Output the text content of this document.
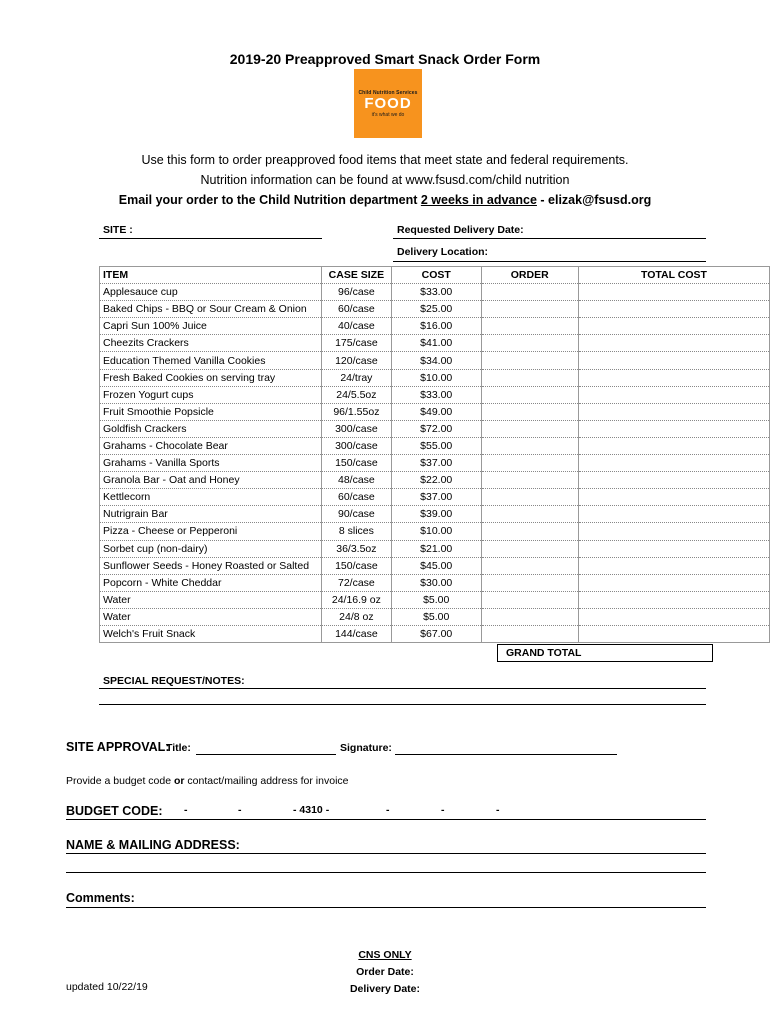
2019-20 Preapproved Smart Snack Order Form
Child Nutrition Services
FOOD
it's what we do
Use this form to order preapproved food items that meet state and federal requirements.
Nutrition information can be found at www.fsusd.com/child nutrition
Email your order to the Child Nutrition department 2 weeks in advance - elizak@fsusd.org
SITE :	Requested Delivery Date:
Delivery Location:
ITEM	CASE SIZE	COST	ORDER	TOTAL COST
Applesauce cup	96/case	$33.00		
Baked Chips - BBQ or Sour Cream & Onion	60/case	$25.00		
Capri Sun 100% Juice	40/case	$16.00		
Cheezits Crackers	175/case	$41.00		
Education Themed Vanilla Cookies	120/case	$34.00		
Fresh Baked Cookies on serving tray	24/tray	$10.00		
Frozen Yogurt cups	24/5.5oz	$33.00		
Fruit Smoothie Popsicle	96/1.55oz	$49.00		
Goldfish Crackers	300/case	$72.00		
Grahams - Chocolate Bear	300/case	$55.00		
Grahams - Vanilla Sports	150/case	$37.00		
Granola Bar - Oat and Honey	48/case	$22.00		
Kettlecorn	60/case	$37.00		
Nutrigrain Bar	90/case	$39.00		
Pizza - Cheese or Pepperoni	8 slices	$10.00		
Sorbet cup (non-dairy)	36/3.5oz	$21.00		
Sunflower Seeds - Honey Roasted or Salted	150/case	$45.00		
Popcorn - White Cheddar	72/case	$30.00		
Water	24/16.9 oz	$5.00		
Water	24/8 oz	$5.00		
Welch's Fruit Snack	144/case	$67.00		
GRAND TOTAL
SPECIAL REQUEST/NOTES:
SITE APPROVAL:
Title:	Signature:
Provide a budget code or contact/mailing address for invoice
BUDGET CODE: -	-	- 4310 -	-	-	-
NAME & MAILING ADDRESS:
Comments:
CNS ONLY
Order Date:
Delivery Date:
updated 10/22/19
